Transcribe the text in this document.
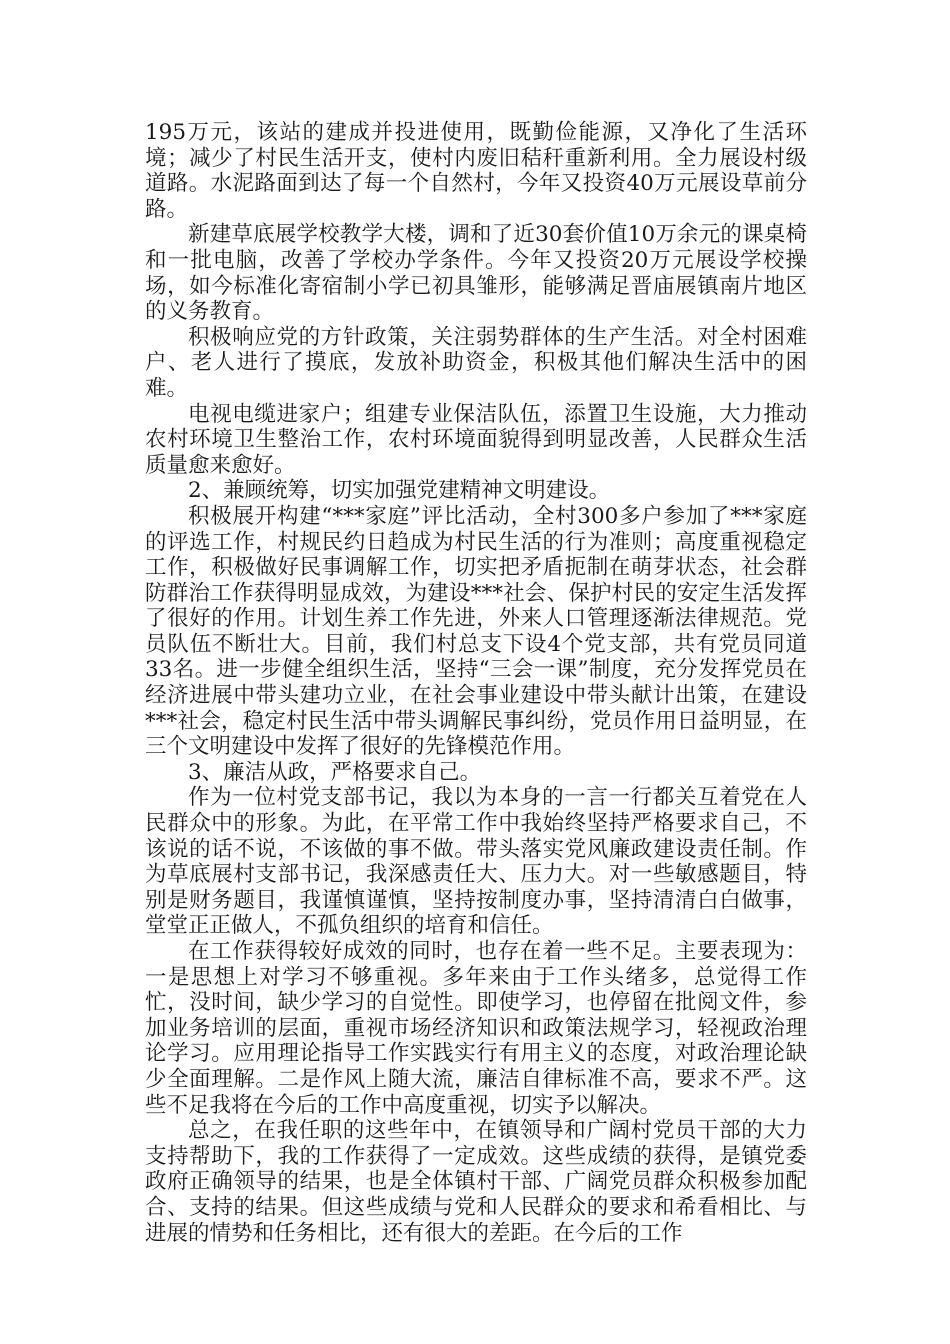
195万元，该站的建成并投进使用，既勤俭能源，又净化了生活环境；减少了村民生活开支，使村内废旧秸秆重新利用。全力展设村级道路。水泥路面到达了每一个自然村，今年又投资40万元展设草前分路。

新建草底展学校教学大楼，调和了近30套价值10万余元的课桌椅和一批电脑，改善了学校办学条件。今年又投资20万元展设学校操场，如今标准化寄宿制小学已初具雏形，能够满足晋庙展镇南片地区的义务教育。

积极响应党的方针政策，关注弱势群体的生产生活。对全村困难户、老人进行了摸底，发放补助资金，积极其他们解决生活中的困难。

电视电缆进家户；组建专业保洁队伍，添置卫生设施，大力推动农村环境卫生整治工作，农村环境面貌得到明显改善，人民群众生活质量愈来愈好。

2、兼顾统筹，切实加强党建精神文明建设。

积极展开构建“***家庭”评比活动，全村300多户参加了***家庭的评选工作，村规民约日趋成为村民生活的行为准则；高度重视稳定工作，积极做好民事调解工作，切实把矛盾扼制在萌芽状态，社会群防群治工作获得明显成效，为建设***社会、保护村民的安定生活发挥了很好的作用。计划生养工作先进，外来人口管理逐渐法律规范。党员队伍不断壮大。目前，我们村总支下设4个党支部，共有党员同道33名。进一步健全组织生活，坚持“三会一课”制度，充分发挥党员在经济进展中带头建功立业，在社会事业建设中带头献计出策，在建设***社会，稳定村民生活中带头调解民事纠纷，党员作用日益明显，在三个文明建设中发挥了很好的先锋模范作用。

3、廉洁从政，严格要求自己。

作为一位村党支部书记，我以为本身的一言一行都关互着党在人民群众中的形象。为此，在平常工作中我始终坚持严格要求自己，不该说的话不说，不该做的事不做。带头落实党风廉政建设责任制。作为草底展村支部书记，我深感责任大、压力大。对一些敏感题目，特别是财务题目，我谨慎谨慎，坚持按制度办事，坚持清清白白做事，堂堂正正做人，不孤负组织的培育和信任。

在工作获得较好成效的同时，也存在着一些不足。主要表现为：一是思想上对学习不够重视。多年来由于工作头绪多，总觉得工作忙，没时间，缺少学习的自觉性。即使学习，也停留在批阅文件，参加业务培训的层面，重视市场经济知识和政策法规学习，轻视政治理论学习。应用理论指导工作实践实行有用主义的态度，对政治理论缺少全面理解。二是作风上随大流，廉洁自律标准不高，要求不严。这些不足我将在今后的工作中高度重视，切实予以解决。

总之，在我任职的这些年中，在镇领导和广阔村党员干部的大力支持帮助下，我的工作获得了一定成效。这些成绩的获得，是镇党委政府正确领导的结果，也是全体镇村干部、广阔党员群众积极参加配合、支持的结果。但这些成绩与党和人民群众的要求和希看相比、与进展的情势和任务相比，还有很大的差距。在今后的工作
